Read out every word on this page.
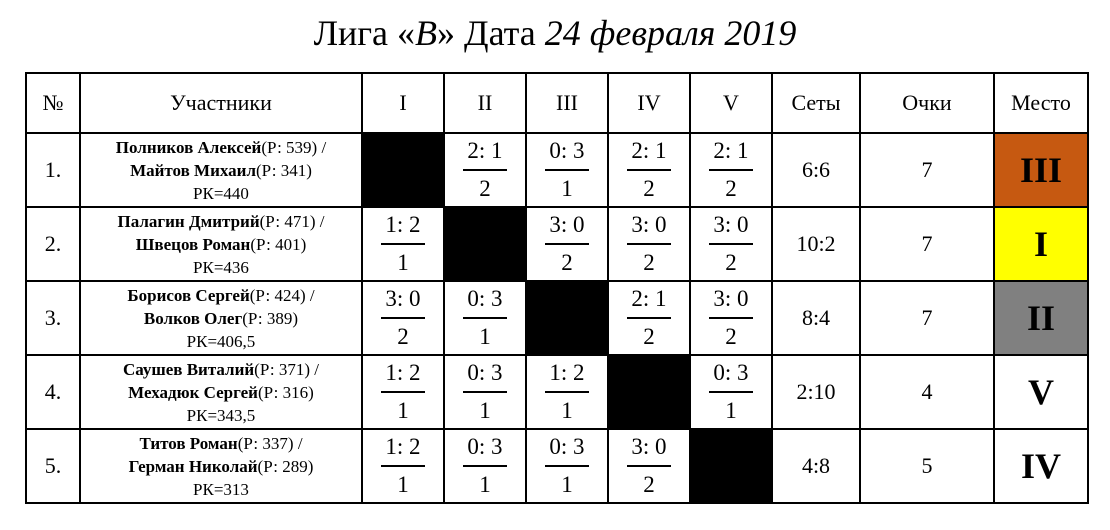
Лига «B» Дата 24 февраля 2019
№	Участники	I	II	III	IV	V	Сеты	Очки	Место
1.	Полников Алексей(Р: 539) /
Майтов Михаил(Р: 341)
РК=440		$\frac{2: 1}{2}$	$\frac{0: 3}{1}$	$\frac{2: 1}{2}$	$\frac{2: 1}{2}$	6:6	7	III
2.	Палагин Дмитрий(Р: 471) /
Швецов Роман(Р: 401)
РК=436	$\frac{1: 2}{1}$		$\frac{3: 0}{2}$	$\frac{3: 0}{2}$	$\frac{3: 0}{2}$	10:2	7	I
3.	Борисов Сергей(Р: 424) /
Волков Олег(Р: 389)
РК=406,5	$\frac{3: 0}{2}$	$\frac{0: 3}{1}$		$\frac{2: 1}{2}$	$\frac{3: 0}{2}$	8:4	7	II
4.	Саушев Виталий(Р: 371) /
Мехадюк Сергей(Р: 316)
РК=343,5	$\frac{1: 2}{1}$	$\frac{0: 3}{1}$	$\frac{1: 2}{1}$		$\frac{0: 3}{1}$	2:10	4	V
5.	Титов Роман(Р: 337) /
Герман Николай(Р: 289)
РК=313	$\frac{1: 2}{1}$	$\frac{0: 3}{1}$	$\frac{0: 3}{1}$	$\frac{3: 0}{2}$		4:8	5	IV
